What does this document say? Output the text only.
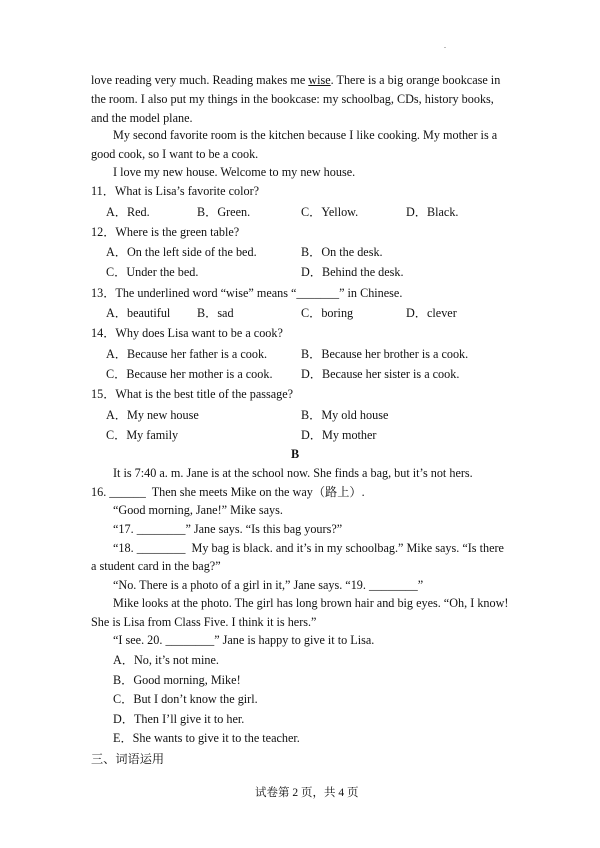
love reading very much. Reading makes me wise. There is a big orange bookcase in
the room. I also put my things in the bookcase: my schoolbag, CDs, history books,
and the model plane.
My second favorite room is the kitchen because I like cooking. My mother is a
good cook, so I want to be a cook.
I love my new house. Welcome to my new house.
11．What is Lisa’s favorite color?
A．Red.	B．Green.	C．Yellow.	D．Black.
12．Where is the green table?
A．On the left side of the bed.	B．On the desk.
C．Under the bed.	D．Behind the desk.
13．The underlined word “wise” means “_______” in Chinese.
A．beautiful B．sad	C．boring	D．clever
14．Why does Lisa want to be a cook?
A．Because her father is a cook.	B．Because her brother is a cook.
C．Because her mother is a cook. D．Because her sister is a cook.
15．What is the best title of the passage?
A．My new house	B．My old house
C．My family	D．My mother
B
It is 7:40 a. m. Jane is at the school now. She finds a bag, but it’s not hers.
16. ______  Then she meets Mike on the way（路上）.
“Good morning, Jane!” Mike says.
“17. ________” Jane says. “Is this bag yours?”
“18. ________  My bag is black. and it’s in my schoolbag.” Mike says. “Is there
a student card in the bag?”
“No. There is a photo of a girl in it,” Jane says. “19. ________”
Mike looks at the photo. The girl has long brown hair and big eyes. “Oh, I know!
She is Lisa from Class Five. I think it is hers.”
“I see. 20. ________” Jane is happy to give it to Lisa.
A．No, it’s not mine.
B．Good morning, Mike!
C．But I don’t know the girl.
D．Then I’ll give it to her.
E．She wants to give it to the teacher.
三、词语运用
试卷第 2 页，共 4 页
